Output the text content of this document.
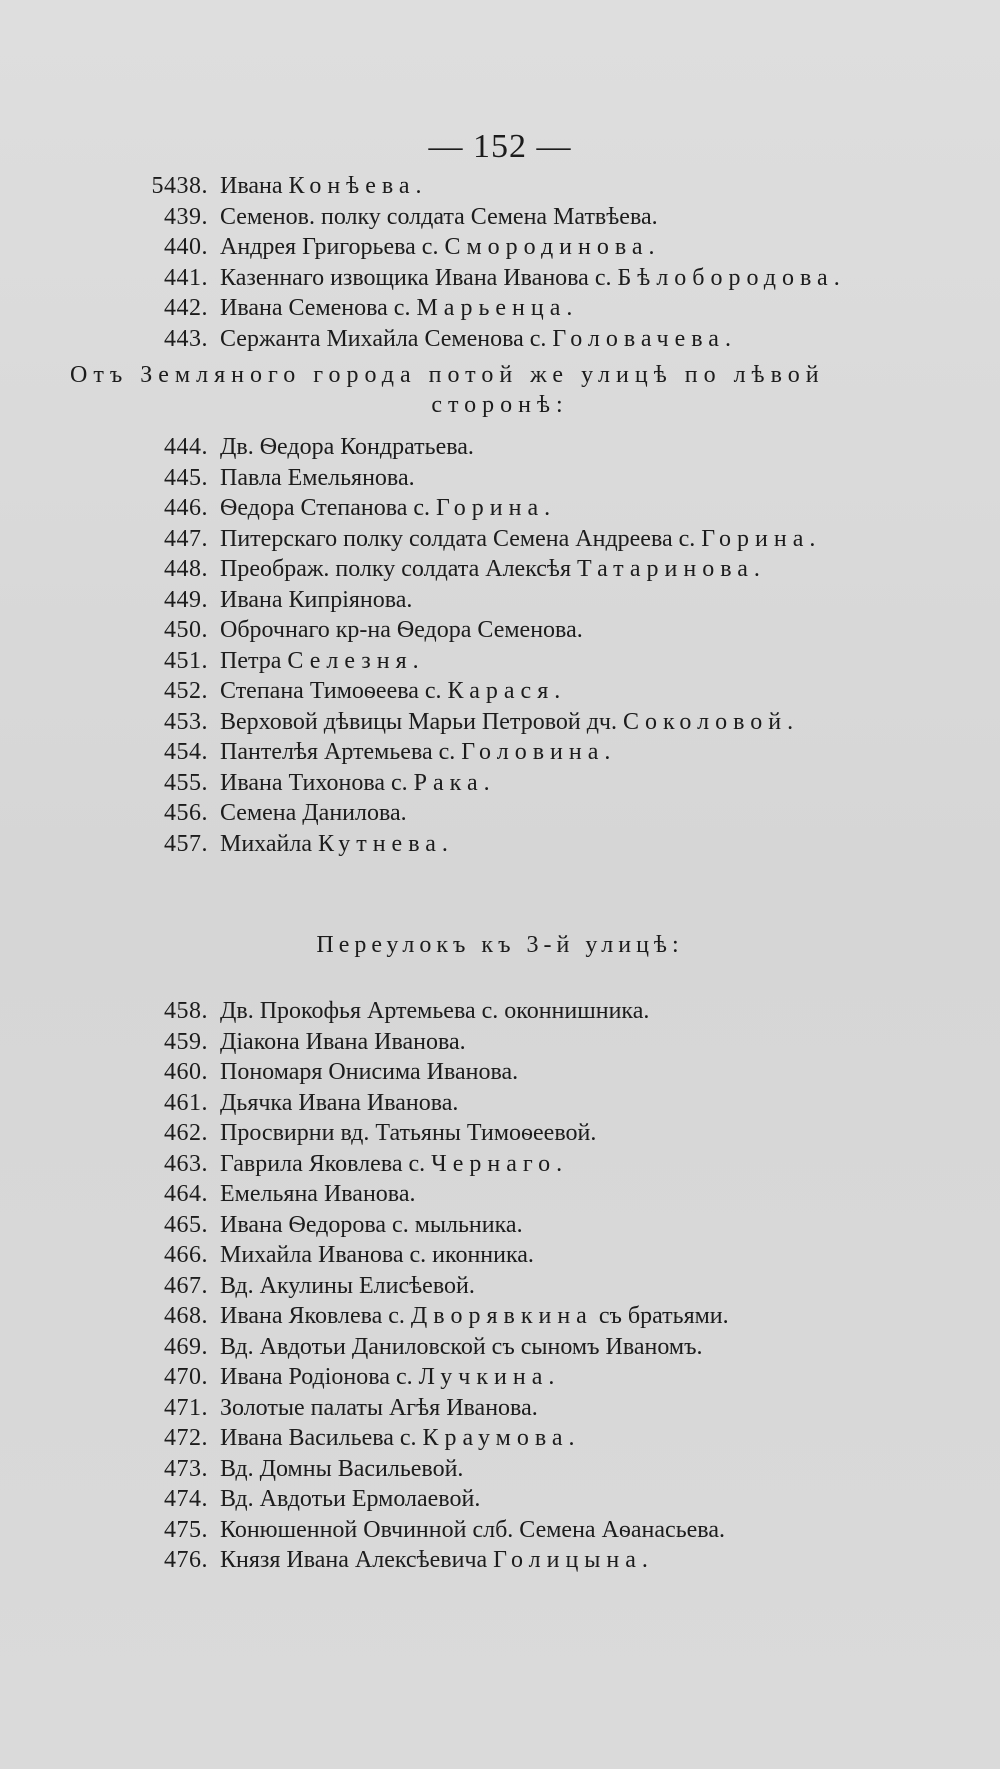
— 152 —
5438. Ивана Конѣева.
439. Семенов. полку солдата Семена Матвѣева.
440. Андрея Григорьева с. Смородинова.
441. Казеннаго извощика Ивана Иванова с. Бѣлобородова.
442. Ивана Семенова с. Марьенца.
443. Сержанта Михайла Семенова с. Головачева.
Отъ Земляного города потой же улицѣ по лѣвой
сторонѣ:
444. Дв. Ѳедора Кондратьева.
445. Павла Емельянова.
446. Ѳедора Степанова с. Горина.
447. Питерскаго полку солдата Семена Андреева с. Горина.
448. Преображ. полку солдата Алексѣя Татаринова.
449. Ивана Кипріянова.
450. Оброчнаго кр-на Ѳедора Семенова.
451. Петра Селезня.
452. Степана Тимоѳеева с. Карася.
453. Верховой дѣвицы Марьи Петровой дч. Соколовой.
454. Пантелѣя Артемьева с. Головина.
455. Ивана Тихонова с. Рака.
456. Семена Данилова.
457. Михайла Кутнева.
Переулокъ къ 3-й улицѣ:
458. Дв. Прокофья Артемьева с. оконнишника.
459. Діакона Ивана Иванова.
460. Пономаря Онисима Иванова.
461. Дьячка Ивана Иванова.
462. Просвирни вд. Татьяны Тимоѳеевой.
463. Гаврила Яковлева с. Чернаго.
464. Емельяна Иванова.
465. Ивана Ѳедорова с. мыльника.
466. Михайла Иванова с. иконника.
467. Вд. Акулины Елисѣевой.
468. Ивана Яковлева с. Дворявкина съ братьями.
469. Вд. Авдотьи Даниловской съ сыномъ Иваномъ.
470. Ивана Родіонова с. Лучкина.
471. Золотые палаты Агѣя Иванова.
472. Ивана Васильева с. Краумова.
473. Вд. Домны Васильевой.
474. Вд. Авдотьи Ермолаевой.
475. Конюшенной Овчинной слб. Семена Аѳанасьева.
476. Князя Ивана Алексѣевича Голицына.
